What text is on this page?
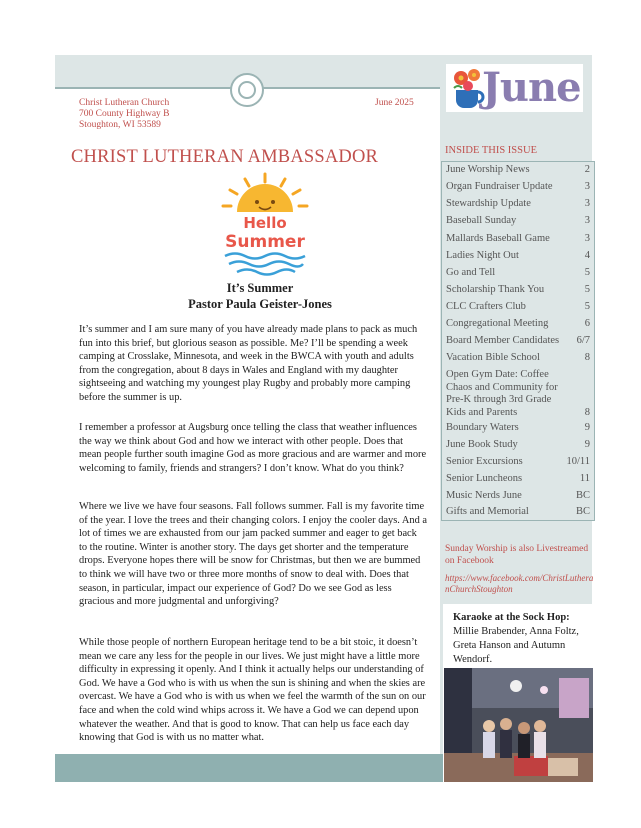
Christ Lutheran Church
700 County Highway B
Stoughton, WI 53589
June 2025
CHRIST LUTHERAN AMBASSADOR
June
Hello
Summer
It’s Summer
Pastor Paula Geister-Jones
It’s summer and I am sure many of you have already made plans to pack as much fun into this brief, but glorious season as possible. Me? I’ll be spending a week camping at Crosslake, Minnesota, and week in the BWCA with youth and adults from the congregation, about 8 days in Wales and England with my daughter sightseeing and watching my youngest play Rugby and probably more camping before the summer is up.
I remember a professor at Augsburg once telling the class that weather influences the way we think about God and how we interact with other people. Does that mean people further south imagine God as more gracious and are warmer and more welcoming to family, friends and strangers? I don’t know. What do you think?
Where we live we have four seasons. Fall follows summer. Fall is my favorite time of the year. I love the trees and their changing colors. I enjoy the cooler days. And a lot of times we are exhausted from our jam packed summer and eager to get back to the routine. Winter is another story. The days get shorter and the temperature drops. Everyone hopes there will be snow for Christmas, but then we are bummed to think we will have two or three more months of snow to deal with. Does that season, in particular, impact our experience of God? Do we see God as less gracious and more judgmental and unforgiving?
While those people of northern European heritage tend to be a bit stoic, it doesn’t mean we care any less for the people in our lives. We just might have a little more difficulty in expressing it openly. And I think it actually helps our understanding of God. We have a God who is with us when the sun is shining and when the skies are overcast. We have a God who is with us when we feel the warmth of the sun on our face and when the cold wind whips across it. We have a God we can depend upon whatever the weather. And that is good to know. That can help us face each day knowing that God is with us no matter what.
INSIDE THIS ISSUE
June Worship News	2
Organ Fundraiser Update	3
Stewardship Update	3
Baseball Sunday	3
Mallards Baseball Game	3
Ladies Night Out	4
Go and Tell	5
Scholarship Thank You	5
CLC Crafters Club	5
Congregational Meeting	6
Board Member Candidates	6/7
Vacation Bible School	8
Open Gym Date: Coffee Chaos and Community for Pre-K through 3rd Grade Kids and Parents	8
Boundary Waters	9
June Book Study	9
Senior Excursions	10/11
Senior Luncheons	11
Music Nerds June	BC
Gifts and Memorial	BC
Sunday Worship is also Livestreamed on Facebook
https://www.facebook.com/ChristLutheranChurchStoughton
Karaoke at the Sock Hop: Millie Brabender, Anna Foltz, Greta Hanson and Autumn Wendorf.
